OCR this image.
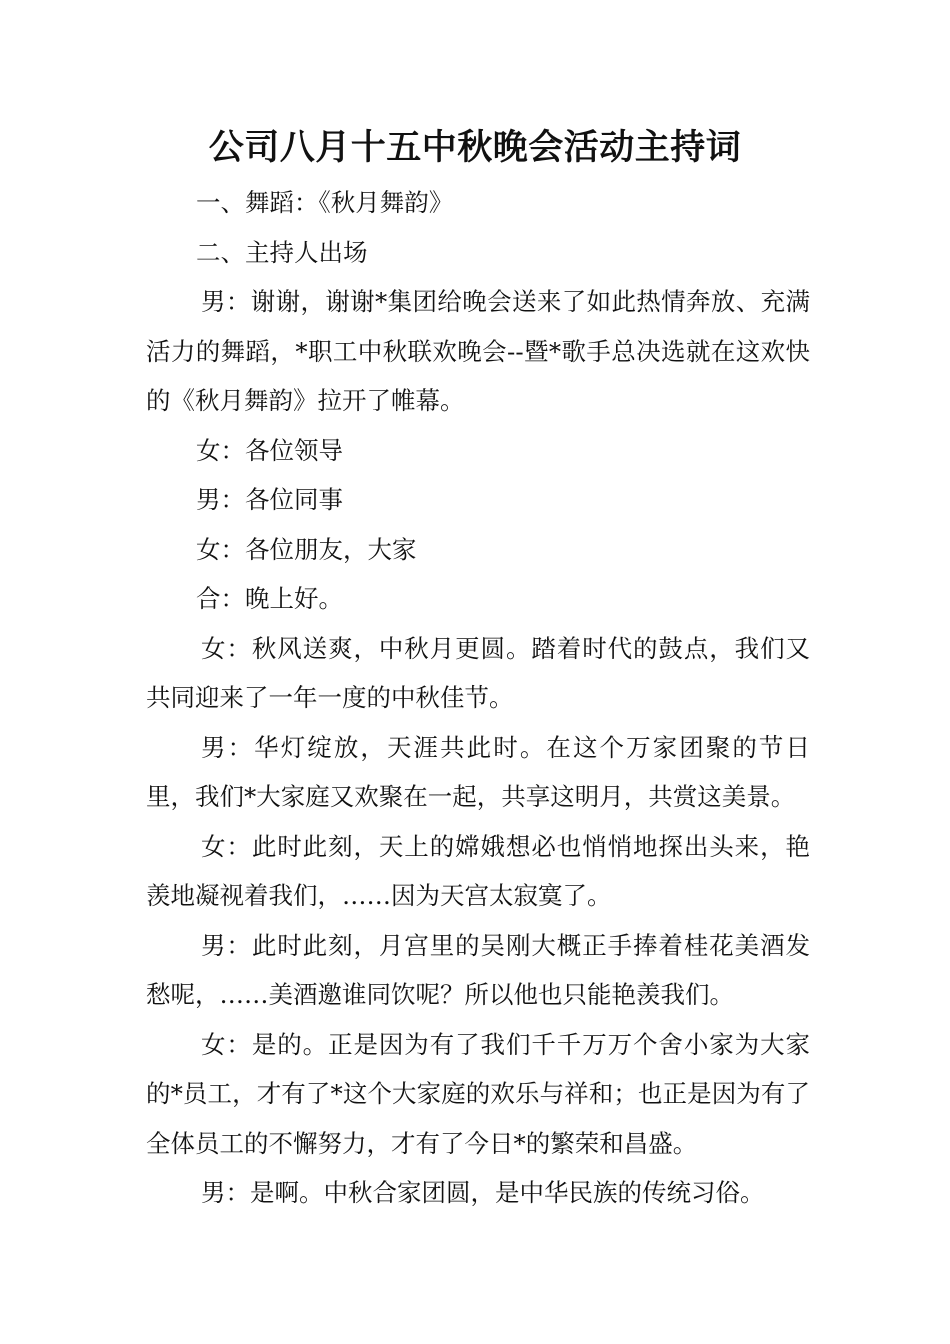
公司八月十五中秋晚会活动主持词

一、舞蹈：《秋月舞韵》

二、主持人出场

男：谢谢，谢谢*集团给晚会送来了如此热情奔放、充满活力的舞蹈，*职工中秋联欢晚会--暨*歌手总决选就在这欢快的《秋月舞韵》拉开了帷幕。

女：各位领导

男：各位同事

女：各位朋友，大家

合：晚上好。

女：秋风送爽，中秋月更圆。踏着时代的鼓点，我们又共同迎来了一年一度的中秋佳节。

男：华灯绽放，天涯共此时。在这个万家团聚的节日里，我们*大家庭又欢聚在一起，共享这明月，共赏这美景。

女：此时此刻，天上的嫦娥想必也悄悄地探出头来，艳羡地凝视着我们，……因为天宫太寂寞了。

男：此时此刻，月宫里的吴刚大概正手捧着桂花美酒发愁呢，……美酒邀谁同饮呢？所以他也只能艳羡我们。

女：是的。正是因为有了我们千千万万个舍小家为大家的*员工，才有了*这个大家庭的欢乐与祥和；也正是因为有了全体员工的不懈努力，才有了今日*的繁荣和昌盛。

男：是啊。中秋合家团圆，是中华民族的传统习俗。
